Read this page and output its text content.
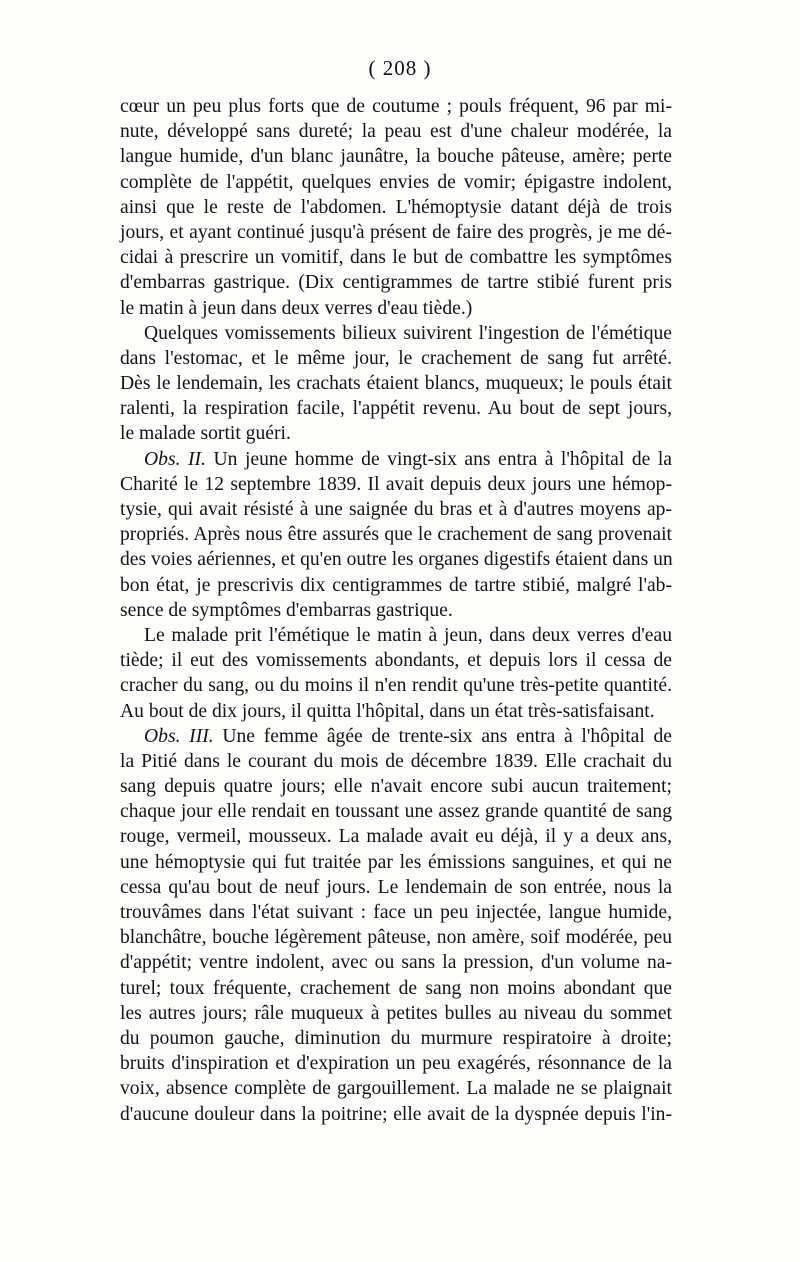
( 208 )
cœur un peu plus forts que de coutume ; pouls fréquent, 96 par mi-
nute, développé sans dureté; la peau est d'une chaleur modérée, la
langue humide, d'un blanc jaunâtre, la bouche pâteuse, amère; perte
complète de l'appétit, quelques envies de vomir; épigastre indolent,
ainsi que le reste de l'abdomen. L'hémoptysie datant déjà de trois
jours, et ayant continué jusqu'à présent de faire des progrès, je me dé-
cidai à prescrire un vomitif, dans le but de combattre les symptômes
d'embarras gastrique. (Dix centigrammes de tartre stibié furent pris
le matin à jeun dans deux verres d'eau tiède.)
Quelques vomissements bilieux suivirent l'ingestion de l'émétique
dans l'estomac, et le même jour, le crachement de sang fut arrêté.
Dès le lendemain, les crachats étaient blancs, muqueux; le pouls était
ralenti, la respiration facile, l'appétit revenu. Au bout de sept jours,
le malade sortit guéri.
Obs. II. Un jeune homme de vingt-six ans entra à l'hôpital de la
Charité le 12 septembre 1839. Il avait depuis deux jours une hémop-
tysie, qui avait résisté à une saignée du bras et à d'autres moyens ap-
propriés. Après nous être assurés que le crachement de sang provenait
des voies aériennes, et qu'en outre les organes digestifs étaient dans un
bon état, je prescrivis dix centigrammes de tartre stibié, malgré l'ab-
sence de symptômes d'embarras gastrique.
Le malade prit l'émétique le matin à jeun, dans deux verres d'eau
tiède; il eut des vomissements abondants, et depuis lors il cessa de
cracher du sang, ou du moins il n'en rendit qu'une très-petite quantité.
Au bout de dix jours, il quitta l'hôpital, dans un état très-satisfaisant.
Obs. III. Une femme âgée de trente-six ans entra à l'hôpital de
la Pitié dans le courant du mois de décembre 1839. Elle crachait du
sang depuis quatre jours; elle n'avait encore subi aucun traitement;
chaque jour elle rendait en toussant une assez grande quantité de sang
rouge, vermeil, mousseux. La malade avait eu déjà, il y a deux ans,
une hémoptysie qui fut traitée par les émissions sanguines, et qui ne
cessa qu'au bout de neuf jours. Le lendemain de son entrée, nous la
trouvâmes dans l'état suivant : face un peu injectée, langue humide,
blanchâtre, bouche légèrement pâteuse, non amère, soif modérée, peu
d'appétit; ventre indolent, avec ou sans la pression, d'un volume na-
turel; toux fréquente, crachement de sang non moins abondant que
les autres jours; râle muqueux à petites bulles au niveau du sommet
du poumon gauche, diminution du murmure respiratoire à droite;
bruits d'inspiration et d'expiration un peu exagérés, résonnance de la
voix, absence complète de gargouillement. La malade ne se plaignait
d'aucune douleur dans la poitrine; elle avait de la dyspnée depuis l'in-
